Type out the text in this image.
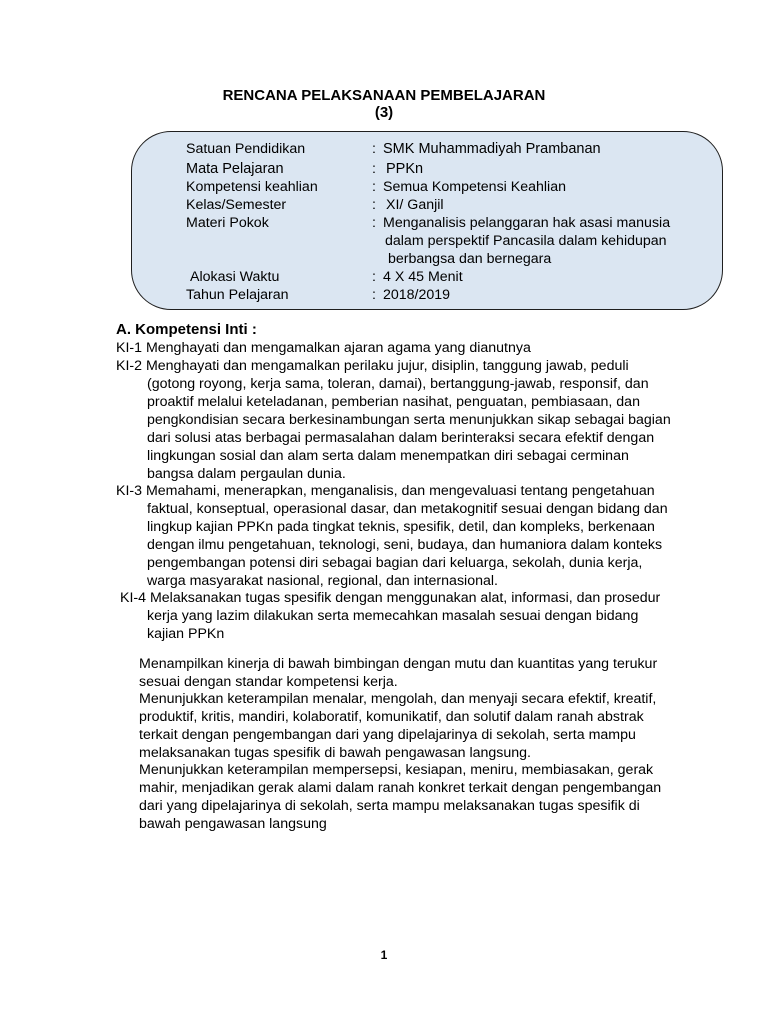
RENCANA PELAKSANAAN PEMBELAJARAN
(3)
Satuan Pendidikan	: SMK Muhammadiyah Prambanan
Mata Pelajaran	: PPKn
Kompetensi keahlian	: Semua Kompetensi Keahlian
Kelas/Semester	: XI/ Ganjil
Materi Pokok	: Menganalisis pelanggaran hak asasi manusia
dalam perspektif Pancasila dalam kehidupan
berbangsa dan bernegara
Alokasi Waktu	: 4 X 45 Menit
Tahun Pelajaran	: 2018/2019
A. Kompetensi Inti :
KI-1 Menghayati dan mengamalkan ajaran agama yang dianutnya
KI-2 Menghayati dan mengamalkan perilaku jujur, disiplin, tanggung jawab, peduli
(gotong royong, kerja sama, toleran, damai), bertanggung-jawab, responsif, dan
proaktif melalui keteladanan, pemberian nasihat, penguatan, pembiasaan, dan
pengkondisian secara berkesinambungan serta menunjukkan sikap sebagai bagian
dari solusi atas berbagai permasalahan dalam berinteraksi secara efektif dengan
lingkungan sosial dan alam serta dalam menempatkan diri sebagai cerminan
bangsa dalam pergaulan dunia.
KI-3 Memahami, menerapkan, menganalisis, dan mengevaluasi tentang pengetahuan
faktual, konseptual, operasional dasar, dan metakognitif sesuai dengan bidang dan
lingkup kajian PPKn pada tingkat teknis, spesifik, detil, dan kompleks, berkenaan
dengan ilmu pengetahuan, teknologi, seni, budaya, dan humaniora dalam konteks
pengembangan potensi diri sebagai bagian dari keluarga, sekolah, dunia kerja,
warga masyarakat nasional, regional, dan internasional.
KI-4 Melaksanakan tugas spesifik dengan menggunakan alat, informasi, dan prosedur
kerja yang lazim dilakukan serta memecahkan masalah sesuai dengan bidang
kajian PPKn
Menampilkan kinerja di bawah bimbingan dengan mutu dan kuantitas yang terukur
sesuai dengan standar kompetensi kerja.
Menunjukkan keterampilan menalar, mengolah, dan menyaji secara efektif, kreatif,
produktif, kritis, mandiri, kolaboratif, komunikatif, dan solutif dalam ranah abstrak
terkait dengan pengembangan dari yang dipelajarinya di sekolah, serta mampu
melaksanakan tugas spesifik di bawah pengawasan langsung.
Menunjukkan keterampilan mempersepsi, kesiapan, meniru, membiasakan, gerak
mahir, menjadikan gerak alami dalam ranah konkret terkait dengan pengembangan
dari yang dipelajarinya di sekolah, serta mampu melaksanakan tugas spesifik di
bawah pengawasan langsung
1
